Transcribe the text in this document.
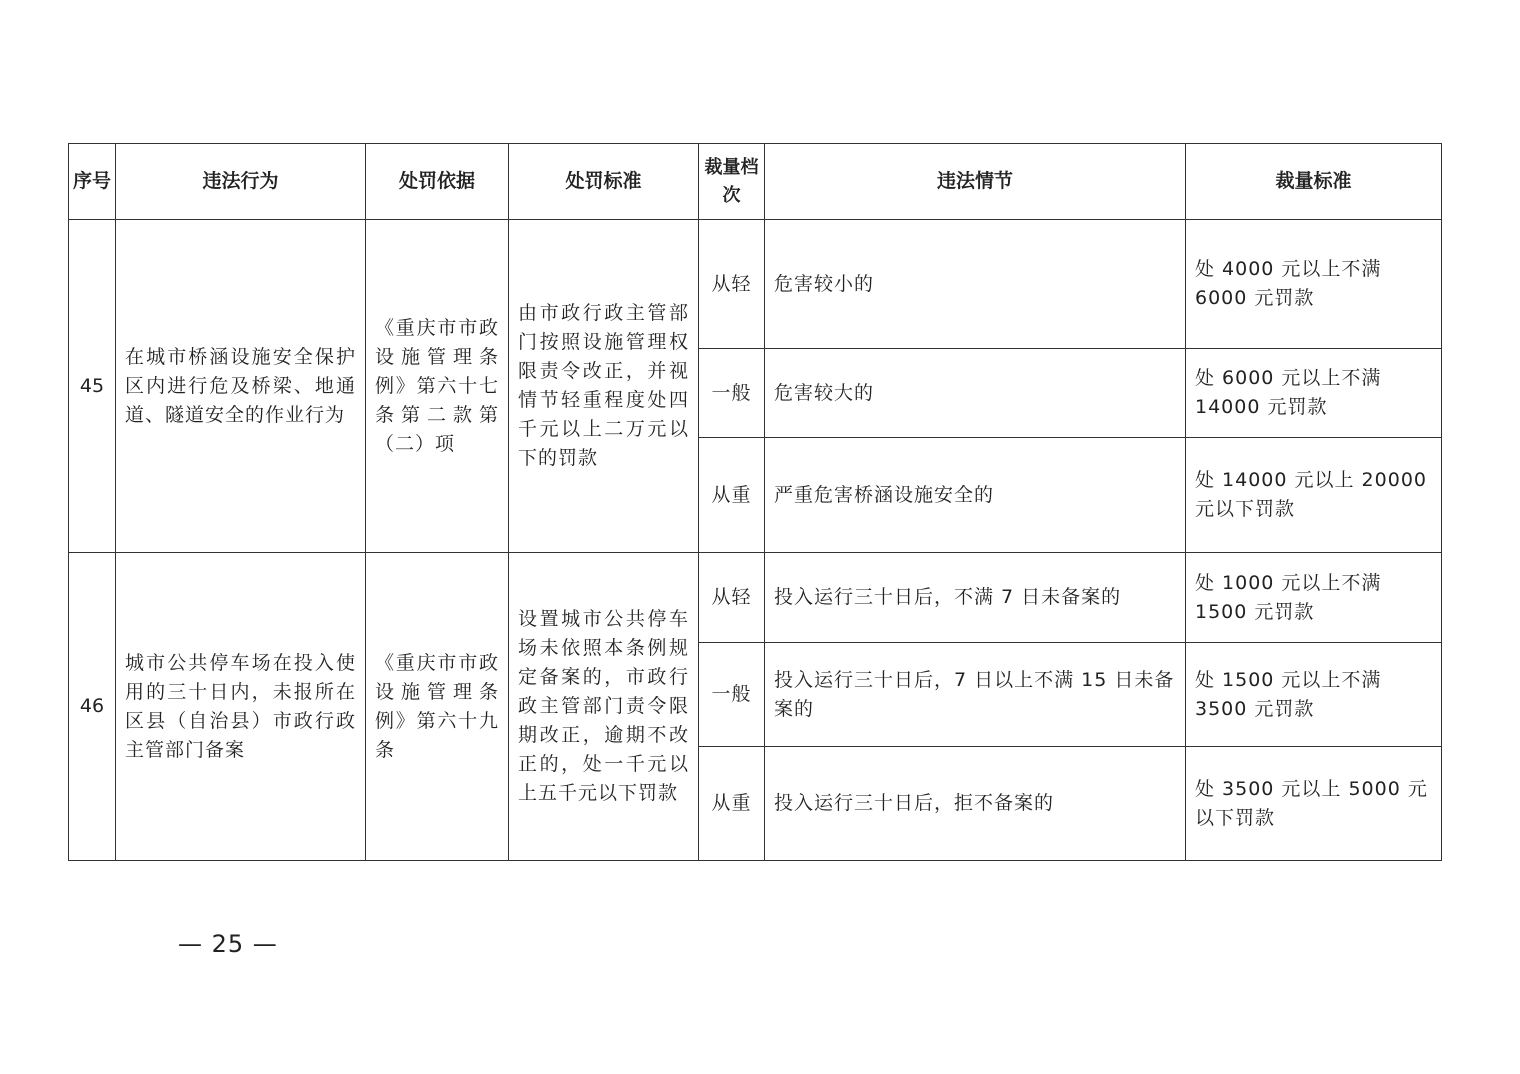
序号	违法行为	处罚依据	处罚标准	裁量档次	违法情节	裁量标准
45	在城市桥涵设施安全保护区内进行危及桥梁、地通道、隧道安全的作业行为	《重庆市市政设施管理条例》第六十七条第二款第（二）项	由市政行政主管部门按照设施管理权限责令改正，并视情节轻重程度处四千元以上二万元以下的罚款	从轻	危害较小的	处 4000 元以上不满 6000 元罚款
				一般	危害较大的	处 6000 元以上不满 14000 元罚款
				从重	严重危害桥涵设施安全的	处 14000 元以上 20000 元以下罚款
46	城市公共停车场在投入使用的三十日内，未报所在区县（自治县）市政行政主管部门备案	《重庆市市政设施管理条例》第六十九条	设置城市公共停车场未依照本条例规定备案的，市政行政主管部门责令限期改正，逾期不改正的，处一千元以上五千元以下罚款	从轻	投入运行三十日后，不满 7 日未备案的	处 1000 元以上不满 1500 元罚款
				一般	投入运行三十日后，7 日以上不满 15 日未备案的	处 1500 元以上不满 3500 元罚款
				从重	投入运行三十日后，拒不备案的	处 3500 元以上 5000 元以下罚款
— 25 —
